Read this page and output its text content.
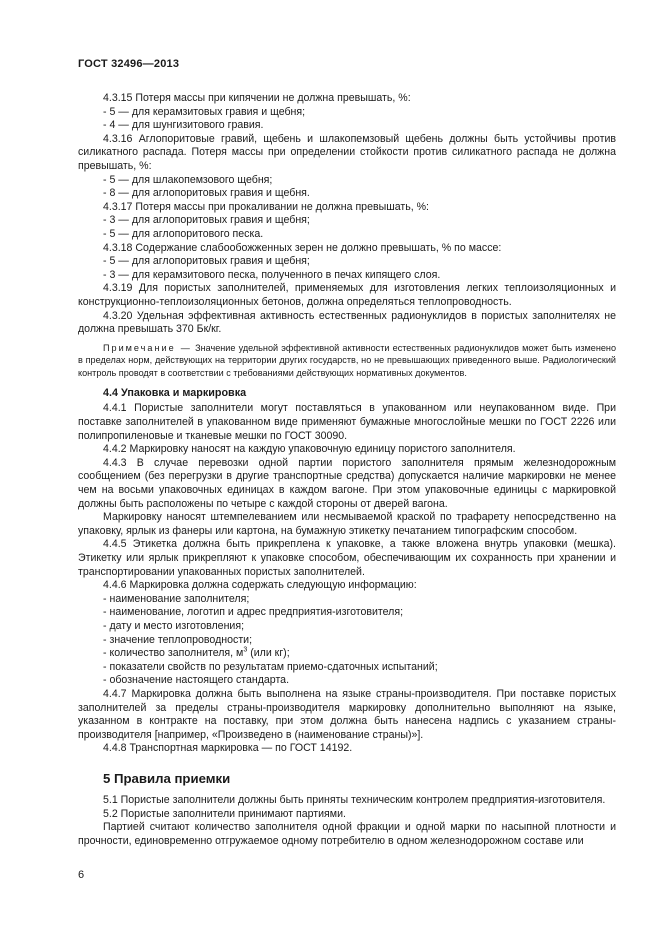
ГОСТ 32496—2013

4.3.15 Потеря массы при кипячении не должна превышать, %:

- 5 — для керамзитовых гравия и щебня;

- 4 — для шунгизитового гравия.

4.3.16 Аглопоритовые гравий, щебень и шлакопемзовый щебень должны быть устойчивы против силикатного распада. Потеря массы при определении стойкости против силикатного распада не должна превышать, %:

- 5 — для шлакопемзового щебня;

- 8 — для аглопоритовых гравия и щебня.

4.3.17 Потеря массы при прокаливании не должна превышать, %:

- 3 — для аглопоритовых гравия и щебня;

- 5 — для аглопоритового песка.

4.3.18 Содержание слабообожженных зерен не должно превышать, % по массе:

- 5 — для аглопоритовых гравия и щебня;

- 3 — для керамзитового песка, полученного в печах кипящего слоя.

4.3.19 Для пористых заполнителей, применяемых для изготовления легких теплоизоляционных и конструкционно-теплоизоляционных бетонов, должна определяться теплопроводность.

4.3.20 Удельная эффективная активность естественных радионуклидов в пористых заполнителях не должна превышать 370 Бк/кг.

Примечание — Значение удельной эффективной активности естественных радионуклидов может быть изменено в пределах норм, действующих на территории других государств, но не превышающих приведенного выше. Радиологический контроль проводят в соответствии с требованиями действующих нормативных документов.

4.4 Упаковка и маркировка

4.4.1 Пористые заполнители могут поставляться в упакованном или неупакованном виде. При поставке заполнителей в упакованном виде применяют бумажные многослойные мешки по ГОСТ 2226 или полипропиленовые и тканевые мешки по ГОСТ 30090.

4.4.2 Маркировку наносят на каждую упаковочную единицу пористого заполнителя.

4.4.3 В случае перевозки одной партии пористого заполнителя прямым железнодорожным сообщением (без перегрузки в другие транспортные средства) допускается наличие маркировки не менее чем на восьми упаковочных единицах в каждом вагоне. При этом упаковочные единицы с маркировкой должны быть расположены по четыре с каждой стороны от дверей вагона.

Маркировку наносят штемпелеванием или несмываемой краской по трафарету непосредственно на упаковку, ярлык из фанеры или картона, на бумажную этикетку печатанием типографским способом.

4.4.5 Этикетка должна быть прикреплена к упаковке, а также вложена внутрь упаковки (мешка). Этикетку или ярлык прикрепляют к упаковке способом, обеспечивающим их сохранность при хранении и транспортировании упакованных пористых заполнителей.

4.4.6 Маркировка должна содержать следующую информацию:

- наименование заполнителя;

- наименование, логотип и адрес предприятия-изготовителя;

- дату и место изготовления;

- значение теплопроводности;

- количество заполнителя, $м^3$ (или кг);

- показатели свойств по результатам приемо-сдаточных испытаний;

- обозначение настоящего стандарта.

4.4.7 Маркировка должна быть выполнена на языке страны-производителя. При поставке пористых заполнителей за пределы страны-производителя маркировку дополнительно выполняют на языке, указанном в контракте на поставку, при этом должна быть нанесена надпись с указанием страны-производителя [например, «Произведено в (наименование страны)»].

4.4.8 Транспортная маркировка — по ГОСТ 14192.

5 Правила приемки

5.1 Пористые заполнители должны быть приняты техническим контролем предприятия-изготовителя.

5.2 Пористые заполнители принимают партиями.

Партией считают количество заполнителя одной фракции и одной марки по насыпной плотности и прочности, единовременно отгружаемое одному потребителю в одном железнодорожном составе или

6
